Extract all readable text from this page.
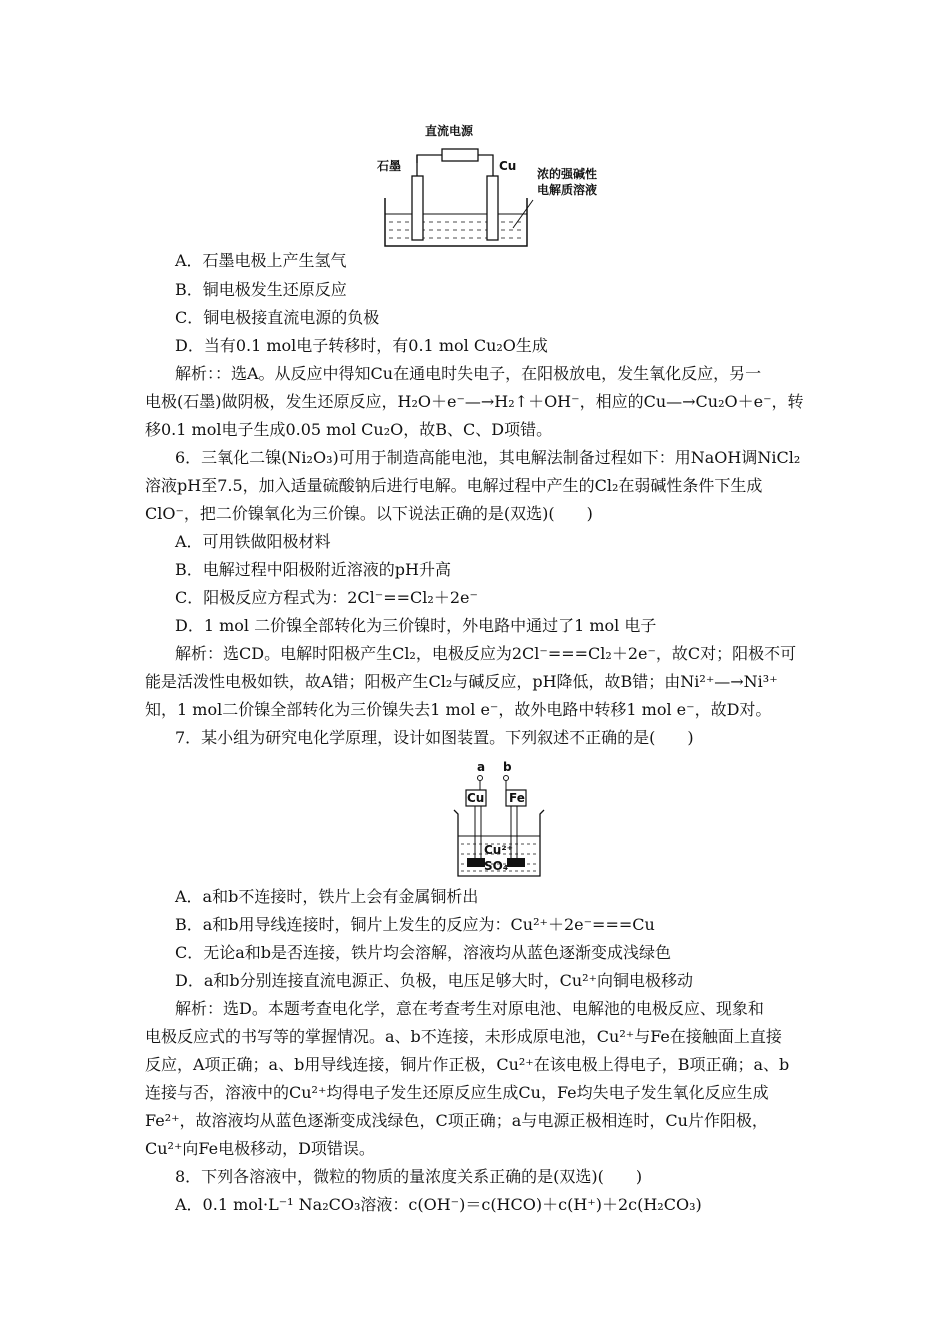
直流电源
石墨	Cu
浓的强碱性
电解质溶液
A．石墨电极上产生氢气
B．铜电极发生还原反应
C．铜电极接直流电源的负极
D．当有0.1 mol电子转移时，有0.1 mol Cu₂O生成
解析：：选A。从反应中得知Cu在通电时失电子，在阳极放电，发生氧化反应，另一
电极(石墨)做阴极，发生还原反应，H₂O＋e⁻—→H₂↑＋OH⁻，相应的Cu—→Cu₂O＋e⁻，转
移0.1 mol电子生成0.05 mol Cu₂O，故B、C、D项错。
6．三氧化二镍(Ni₂O₃)可用于制造高能电池，其电解法制备过程如下：用NaOH调NiCl₂
溶液pH至7.5，加入适量硫酸钠后进行电解。电解过程中产生的Cl₂在弱碱性条件下生成
ClO⁻，把二价镍氧化为三价镍。以下说法正确的是(双选)(　　)
A．可用铁做阳极材料
B．电解过程中阳极附近溶液的pH升高
C．阳极反应方程式为：2Cl⁻==Cl₂＋2e⁻
D．1 mol 二价镍全部转化为三价镍时，外电路中通过了1 mol 电子
解析：选CD。电解时阳极产生Cl₂，电极反应为2Cl⁻===Cl₂＋2e⁻，故C对；阳极不可
能是活泼性电极如铁，故A错；阳极产生Cl₂与碱反应，pH降低，故B错；由Ni²⁺—→Ni³⁺
知，1 mol二价镍全部转化为三价镍失去1 mol e⁻，故外电路中转移1 mol e⁻，故D对。
7．某小组为研究电化学原理，设计如图装置。下列叙述不正确的是(　　)
a b
Cu Fe
Cu²⁺
SO₄²⁻
A．a和b不连接时，铁片上会有金属铜析出
B．a和b用导线连接时，铜片上发生的反应为：Cu²⁺＋2e⁻===Cu
C．无论a和b是否连接，铁片均会溶解，溶液均从蓝色逐渐变成浅绿色
D．a和b分别连接直流电源正、负极，电压足够大时，Cu²⁺向铜电极移动
解析：选D。本题考查电化学，意在考查考生对原电池、电解池的电极反应、现象和
电极反应式的书写等的掌握情况。a、b不连接，未形成原电池，Cu²⁺与Fe在接触面上直接
反应，A项正确；a、b用导线连接，铜片作正极，Cu²⁺在该电极上得电子，B项正确；a、b
连接与否，溶液中的Cu²⁺均得电子发生还原反应生成Cu，Fe均失电子发生氧化反应生成
Fe²⁺，故溶液均从蓝色逐渐变成浅绿色，C项正确；a与电源正极相连时，Cu片作阳极，
Cu²⁺向Fe电极移动，D项错误。
8．下列各溶液中，微粒的物质的量浓度关系正确的是(双选)(　　)
A．0.1 mol·L⁻¹ Na₂CO₃溶液：c(OH⁻)＝c(HCO)＋c(H⁺)＋2c(H₂CO₃)
